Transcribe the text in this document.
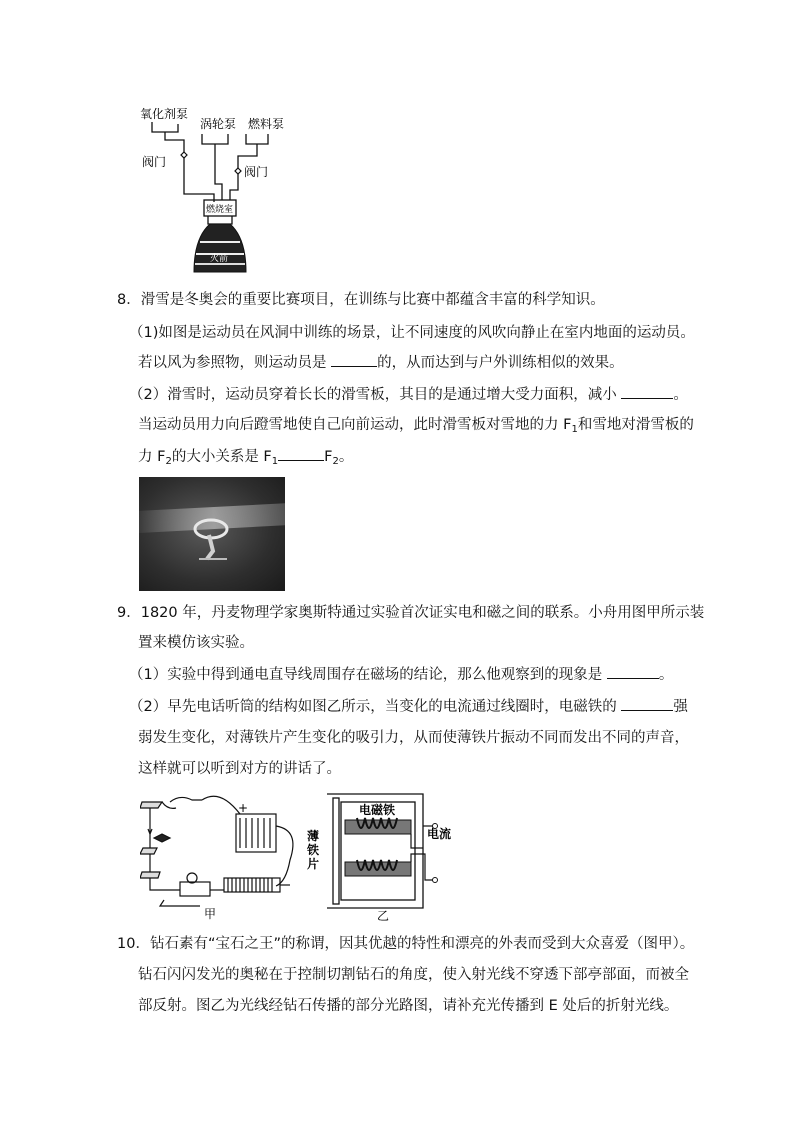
氧化剂泵
涡轮泵 燃料泵
阀门
阀门
燃烧室
火箭
8．滑雪是冬奥会的重要比赛项目，在训练与比赛中都蕴含丰富的科学知识。
（1)如图是运动员在风洞中训练的场景，让不同速度的风吹向静止在室内地面的运动员。
若以风为参照物，则运动员是	的，从而达到与户外训练相似的效果。
（2）滑雪时，运动员穿着长长的滑雪板，其目的是通过增大受力面积，减小	。
当运动员用力向后蹬雪地使自己向前运动，此时滑雪板对雪地的力 $F_1$和雪地对滑雪板的
力 $F_2$的大小关系是 $F_1$	$F_2$。
9．1820 年，丹麦物理学家奥斯特通过实验首次证实电和磁之间的联系。小舟用图甲所示装
置来模仿该实验。
（1）实验中得到通电直导线周围存在磁场的结论，那么他观察到的现象是	。
（2）早先电话听筒的结构如图乙所示，当变化的电流通过线圈时，电磁铁的	强
弱发生变化，对薄铁片产生变化的吸引力，从而使薄铁片振动不同而发出不同的声音，
这样就可以听到对方的讲话了。
+
甲
电磁铁
电流
薄
铁
片
乙
10．钻石素有“宝石之王”的称谓，因其优越的特性和漂亮的外表而受到大众喜爱（图甲）。
钻石闪闪发光的奥秘在于控制切割钻石的角度，使入射光线不穿透下部亭部面，而被全
部反射。图乙为光线经钻石传播的部分光路图，请补充光传播到 E 处后的折射光线。
